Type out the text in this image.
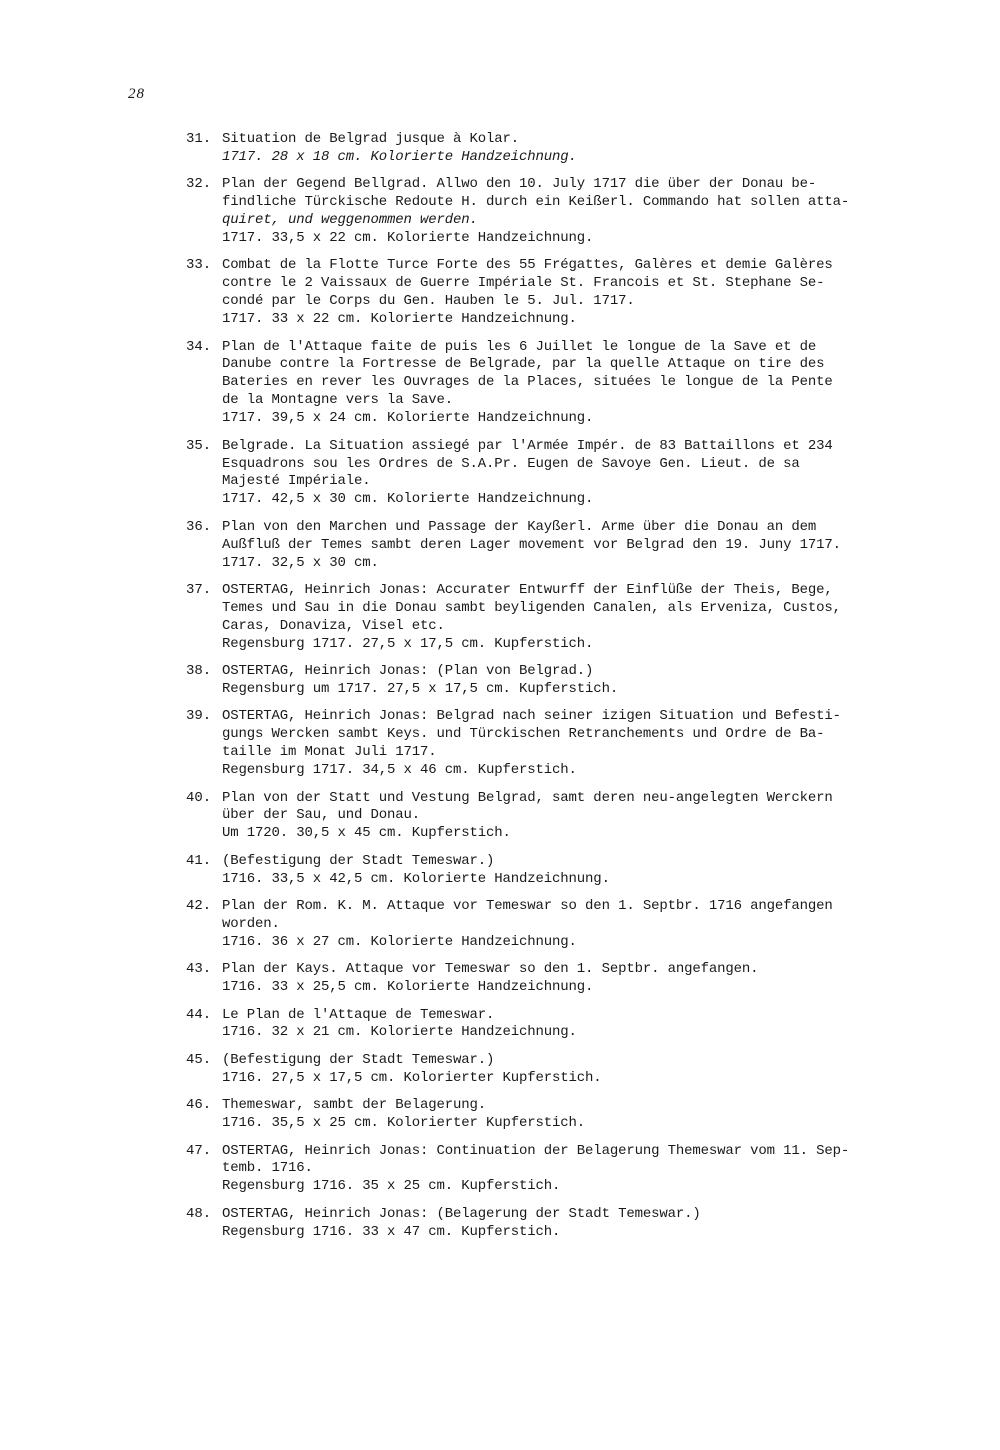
28
31. Situation de Belgrad jusque à Kolar.
1717. 28 x 18 cm. Kolorierte Handzeichnung.
32. Plan der Gegend Bellgrad. Allwo den 10. July 1717 die über der Donau be-
findliche Türckische Redoute H. durch ein Keißerl. Commando hat sollen atta-
quiret, und weggenommen werden.
1717. 33,5 x 22 cm. Kolorierte Handzeichnung.
33. Combat de la Flotte Turce Forte des 55 Frégattes, Galères et demie Galères
contre le 2 Vaissaux de Guerre Impériale St. Francois et St. Stephane Se-
condé par le Corps du Gen. Hauben le 5. Jul. 1717.
1717. 33 x 22 cm. Kolorierte Handzeichnung.
34. Plan de l'Attaque faite de puis les 6 Juillet le longue de la Save et de
Danube contre la Fortresse de Belgrade, par la quelle Attaque on tire des
Bateries en rever les Ouvrages de la Places, situées le longue de la Pente
de la Montagne vers la Save.
1717. 39,5 x 24 cm. Kolorierte Handzeichnung.
35. Belgrade. La Situation assiegé par l'Armée Impér. de 83 Battaillons et 234
Esquadrons sou les Ordres de S.A.Pr. Eugen de Savoye Gen. Lieut. de sa
Majesté Impériale.
1717. 42,5 x 30 cm. Kolorierte Handzeichnung.
36. Plan von den Marchen und Passage der Kayßerl. Arme über die Donau an dem
Außfluß der Temes sambt deren Lager movement vor Belgrad den 19. Juny 1717.
1717. 32,5 x 30 cm.
37. OSTERTAG, Heinrich Jonas: Accurater Entwurff der Einflüße der Theis, Bege,
Temes und Sau in die Donau sambt beyligenden Canalen, als Erveniza, Custos,
Caras, Donaviza, Visel etc.
Regensburg 1717. 27,5 x 17,5 cm. Kupferstich.
38. OSTERTAG, Heinrich Jonas: (Plan von Belgrad.)
Regensburg um 1717. 27,5 x 17,5 cm. Kupferstich.
39. OSTERTAG, Heinrich Jonas: Belgrad nach seiner izigen Situation und Befesti-
gungs Wercken sambt Keys. und Türckischen Retranchements und Ordre de Ba-
taille im Monat Juli 1717.
Regensburg 1717. 34,5 x 46 cm. Kupferstich.
40. Plan von der Statt und Vestung Belgrad, samt deren neu-angelegten Werckern
über der Sau, und Donau.
Um 1720. 30,5 x 45 cm. Kupferstich.
41. (Befestigung der Stadt Temeswar.)
1716. 33,5 x 42,5 cm. Kolorierte Handzeichnung.
42. Plan der Rom. K. M. Attaque vor Temeswar so den 1. Septbr. 1716 angefangen
worden.
1716. 36 x 27 cm. Kolorierte Handzeichnung.
43. Plan der Kays. Attaque vor Temeswar so den 1. Septbr. angefangen.
1716. 33 x 25,5 cm. Kolorierte Handzeichnung.
44. Le Plan de l'Attaque de Temeswar.
1716. 32 x 21 cm. Kolorierte Handzeichnung.
45. (Befestigung der Stadt Temeswar.)
1716. 27,5 x 17,5 cm. Kolorierter Kupferstich.
46. Themeswar, sambt der Belagerung.
1716. 35,5 x 25 cm. Kolorierter Kupferstich.
47. OSTERTAG, Heinrich Jonas: Continuation der Belagerung Themeswar vom 11. Sep-
temb. 1716.
Regensburg 1716. 35 x 25 cm. Kupferstich.
48. OSTERTAG, Heinrich Jonas: (Belagerung der Stadt Temeswar.)
Regensburg 1716. 33 x 47 cm. Kupferstich.
